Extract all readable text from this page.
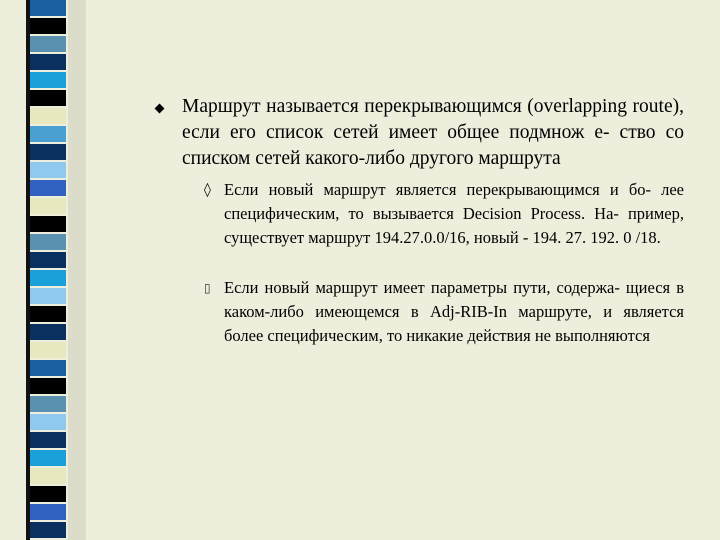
Маршрут называется перекрывающимся (overlapping route), если его список сетей имеет общее подмнож е- ство со списком сетей какого-либо другого маршрута
◊ Если новый маршрут является перекрывающимся и бо- лее специфическим, то вызывается Decision Process. На- пример, существует маршрут 194.27.0.0/16, новый - 194. 27. 192. 0 /18.
▯ Если новый маршрут имеет параметры пути, содержа- щиеся в каком-либо имеющемся в Adj-RIB-In маршруте, и является более специфическим, то никакие действия не выполняются
